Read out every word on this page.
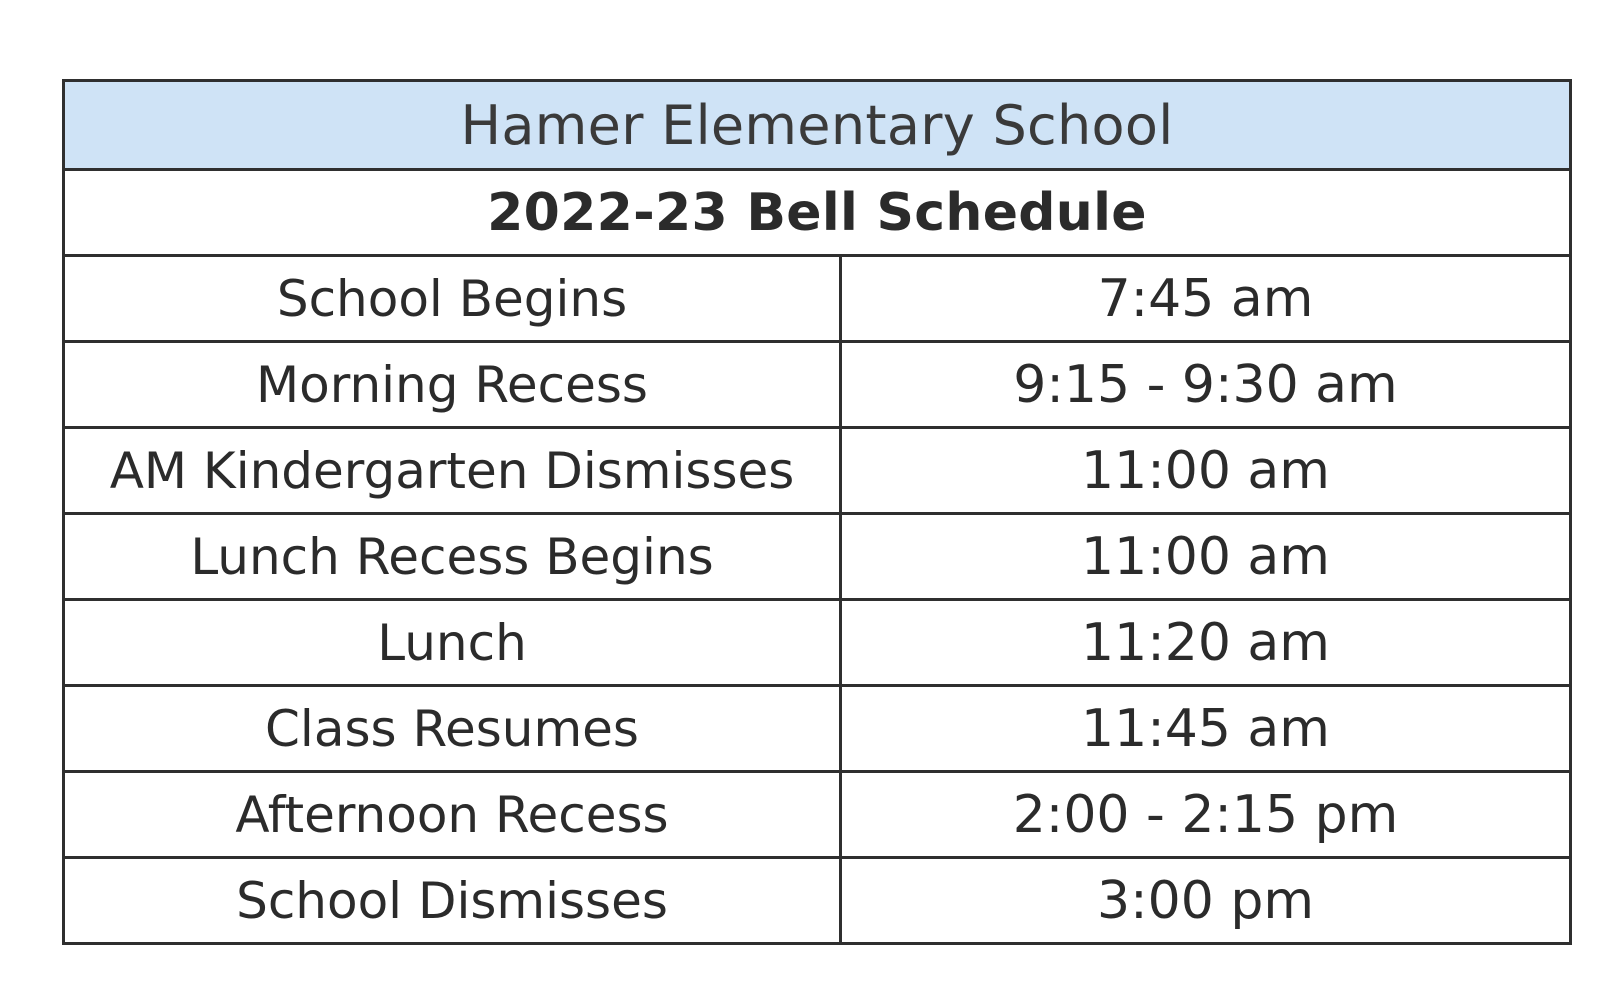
Hamer Elementary School
2022-23 Bell Schedule
School Begins	7:45 am
Morning Recess	9:15 - 9:30 am
AM Kindergarten Dismisses	11:00 am
Lunch Recess Begins	11:00 am
Lunch	11:20 am
Class Resumes	11:45 am
Afternoon Recess	2:00 - 2:15 pm
School Dismisses	3:00 pm
